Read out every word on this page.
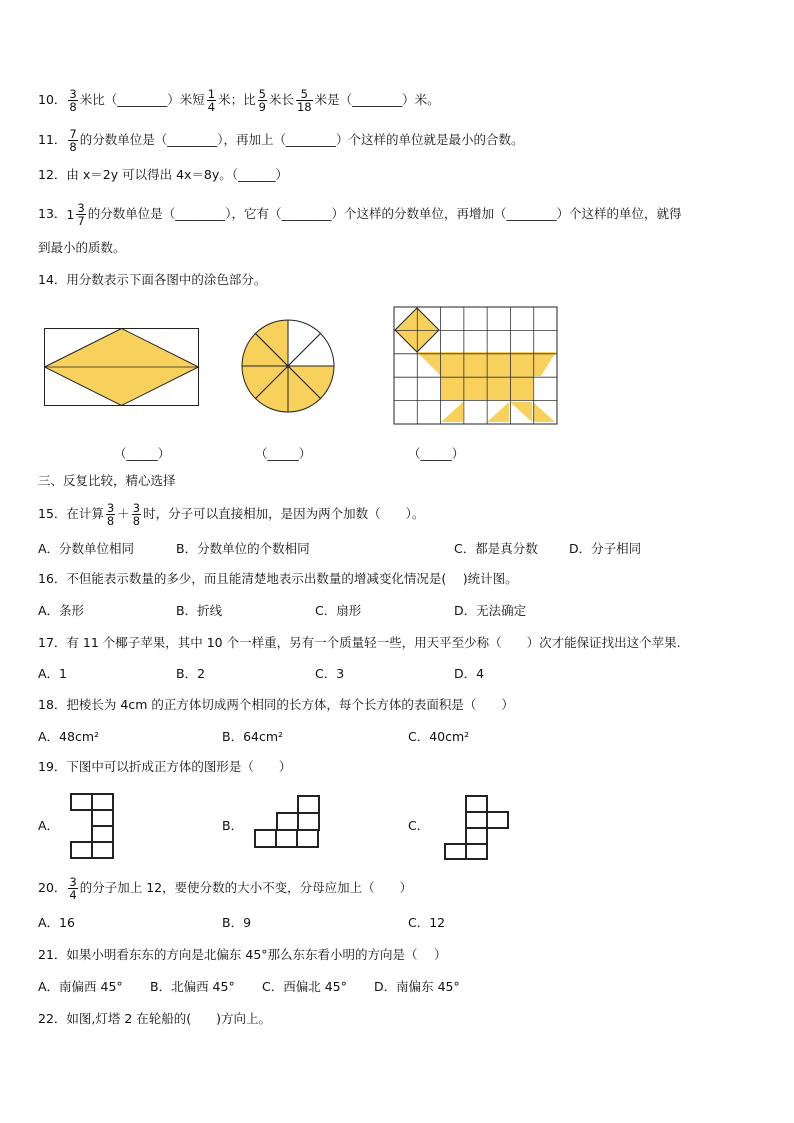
10． $\frac{3}{8}$ 米比（________）米短 $\frac{1}{4}$ 米；比 $\frac{5}{9}$ 米长 $\frac{5}{18}$ 米是（________）米。
11． $\frac{7}{8}$ 的分数单位是（________），再加上（________）个这样的单位就是最小的合数。
12．由 x＝2y 可以得出 4x＝8y。（______）
13．$1 \frac{3}{7}$ 的分数单位是（________），它有（________）个这样的分数单位，再增加（________）个这样的单位，就得
到最小的质数。
14．用分数表示下面各图中的涂色部分。
（_____）	（_____）	（_____）
三、反复比较，精心选择
15．在计算 $\frac{3}{8} + \frac{3}{8}$ 时，分子可以直接相加，是因为两个加数（　　）。
A．分数单位相同	B．分数单位的个数相同	C．都是真分数	D．分子相同
16．不但能表示数量的多少，而且能清楚地表示出数量的增减变化情况是(　 )统计图。
A．条形	B．折线	C．扇形	D．无法确定
17．有 11 个椰子苹果，其中 10 个一样重，另有一个质量轻一些，用天平至少称（　　）次才能保证找出这个苹果.
A．1	B．2	C．3	D．4
18．把棱长为 4cm 的正方体切成两个相同的长方体，每个长方体的表面积是（　　）
A．48cm²	B．64cm²	C．40cm²
19．下图中可以折成正方体的图形是（　　）
A．	B．	C．
20． $\frac{3}{4}$ 的分子加上 12，要使分数的大小不变，分母应加上（　　）
A．16	B．9	C．12
21．如果小明看东东的方向是北偏东 45°那么东东看小明的方向是（　 ）
A．南偏西 45° B．北偏西 45° C．西偏北 45° D．南偏东 45°
22．如图,灯塔 2 在轮船的(　　)方向上。
